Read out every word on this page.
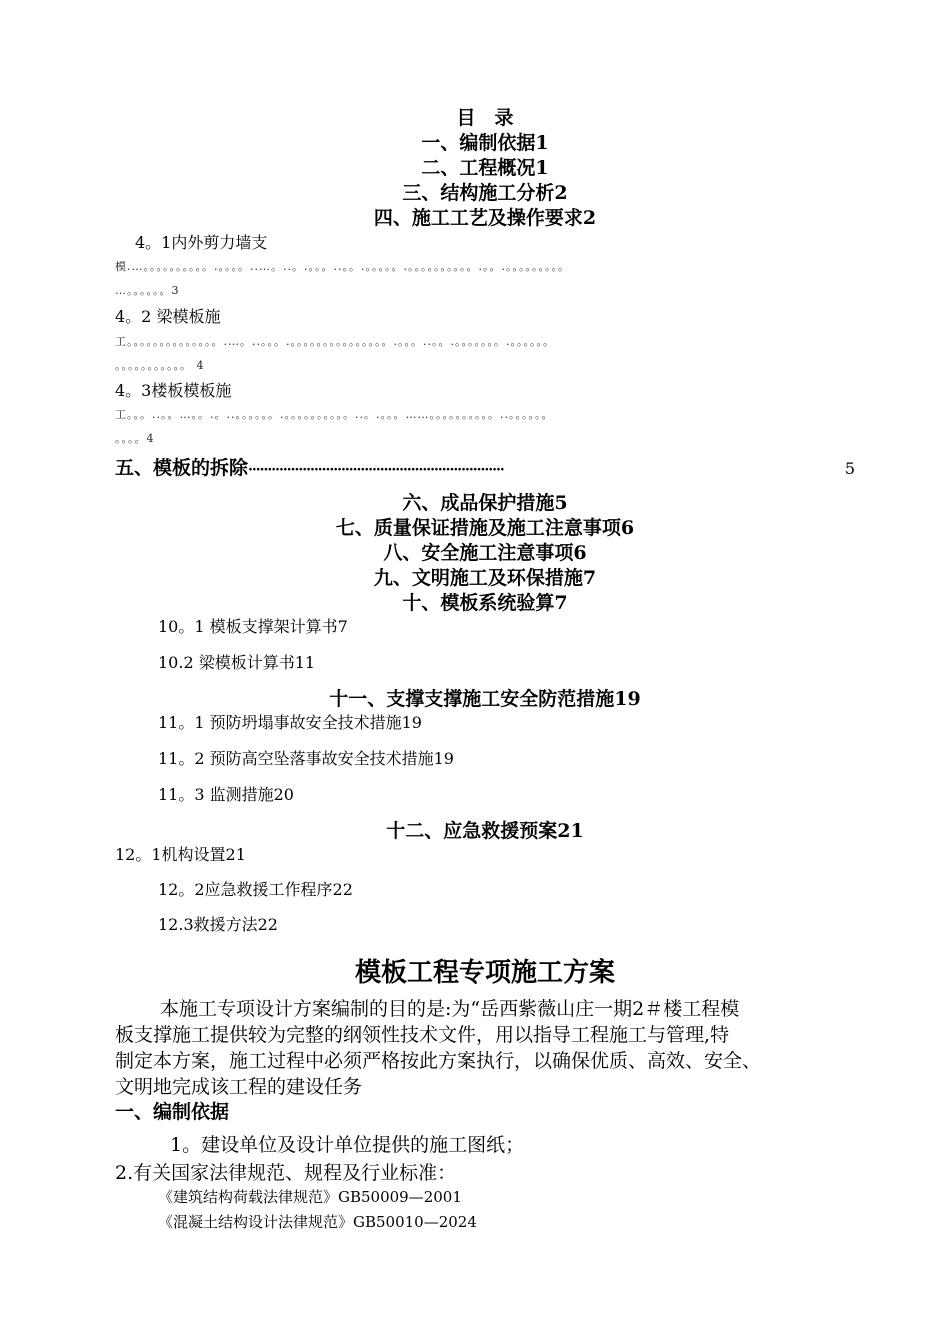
目　录
一、编制依据1
二、工程概况1
三、结构施工分析2
四、施工工艺及操作要求2
4。1内外剪力墙支
模.…。。。。。。。。。。.。。。。..…。..。.。。。..。。.。。。。。.。。。。。。。。。。.。。.。。。。。。。。。
…。。。。。。3
4。2 梁模板施
工。。。。。。。。。。。。。。.…。..。。。.。。。。。。。。。。。。。。。.。。。..。。.。。。。。。。.。。。。。。
。。。。。。。。。。。 4
4。3楼板模板施
工。。。..。。…。。.。..。。。。。。.。。。。。。。。。。..。.。。。……。。。。。。。。。。..。。。。。。
。。。。4
五、模板的拆除 ··································································	5
六、成品保护措施5
七、质量保证措施及施工注意事项6
八、安全施工注意事项6
九、文明施工及环保措施7
十、模板系统验算7
10。1 模板支撑架计算书7
10.2 梁模板计算书11
十一、支撑支撑施工安全防范措施19
11。1 预防坍塌事故安全技术措施19
11。2 预防高空坠落事故安全技术措施19
11。3 监测措施20
十二、应急救援预案21
12。1机构设置21
12。2应急救援工作程序22
12.3救援方法22
模板工程专项施工方案
本施工专项设计方案编制的目的是:为“岳西紫薇山庄一期2＃楼工程模
板支撑施工提供较为完整的纲领性技术文件，用以指导工程施工与管理,特
制定本方案，施工过程中必须严格按此方案执行，以确保优质、高效、安全、
文明地完成该工程的建设任务
一、编制依据
1。建设单位及设计单位提供的施工图纸；
2.有关国家法律规范、规程及行业标准：
《建筑结构荷载法律规范》GB50009—2001
《混凝土结构设计法律规范》GB50010—2024
